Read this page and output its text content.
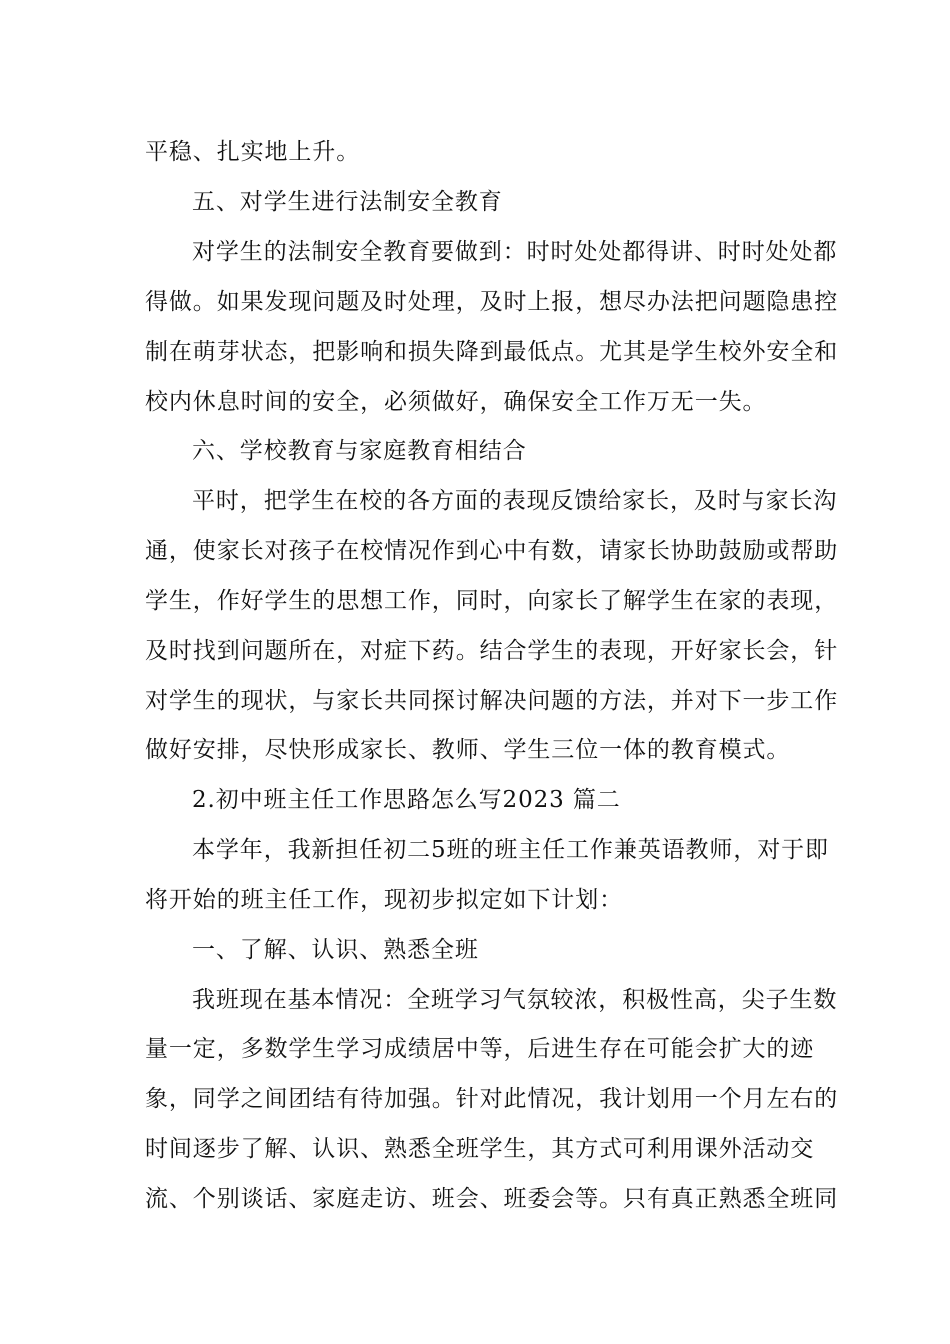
平稳、扎实地上升。
五、对学生进行法制安全教育
对学生的法制安全教育要做到：时时处处都得讲、时时处处都
得做。如果发现问题及时处理，及时上报，想尽办法把问题隐患控
制在萌芽状态，把影响和损失降到最低点。尤其是学生校外安全和
校内休息时间的安全，必须做好，确保安全工作万无一失。
六、学校教育与家庭教育相结合
平时，把学生在校的各方面的表现反馈给家长，及时与家长沟
通，使家长对孩子在校情况作到心中有数，请家长协助鼓励或帮助
学生，作好学生的思想工作，同时，向家长了解学生在家的表现，
及时找到问题所在，对症下药。结合学生的表现，开好家长会，针
对学生的现状，与家长共同探讨解决问题的方法，并对下一步工作
做好安排，尽快形成家长、教师、学生三位一体的教育模式。
2.初中班主任工作思路怎么写2023 篇二
本学年，我新担任初二5班的班主任工作兼英语教师，对于即
将开始的班主任工作，现初步拟定如下计划：
一、了解、认识、熟悉全班
我班现在基本情况：全班学习气氛较浓，积极性高，尖子生数
量一定，多数学生学习成绩居中等，后进生存在可能会扩大的迹
象，同学之间团结有待加强。针对此情况，我计划用一个月左右的
时间逐步了解、认识、熟悉全班学生，其方式可利用课外活动交
流、个别谈话、家庭走访、班会、班委会等。只有真正熟悉全班同
